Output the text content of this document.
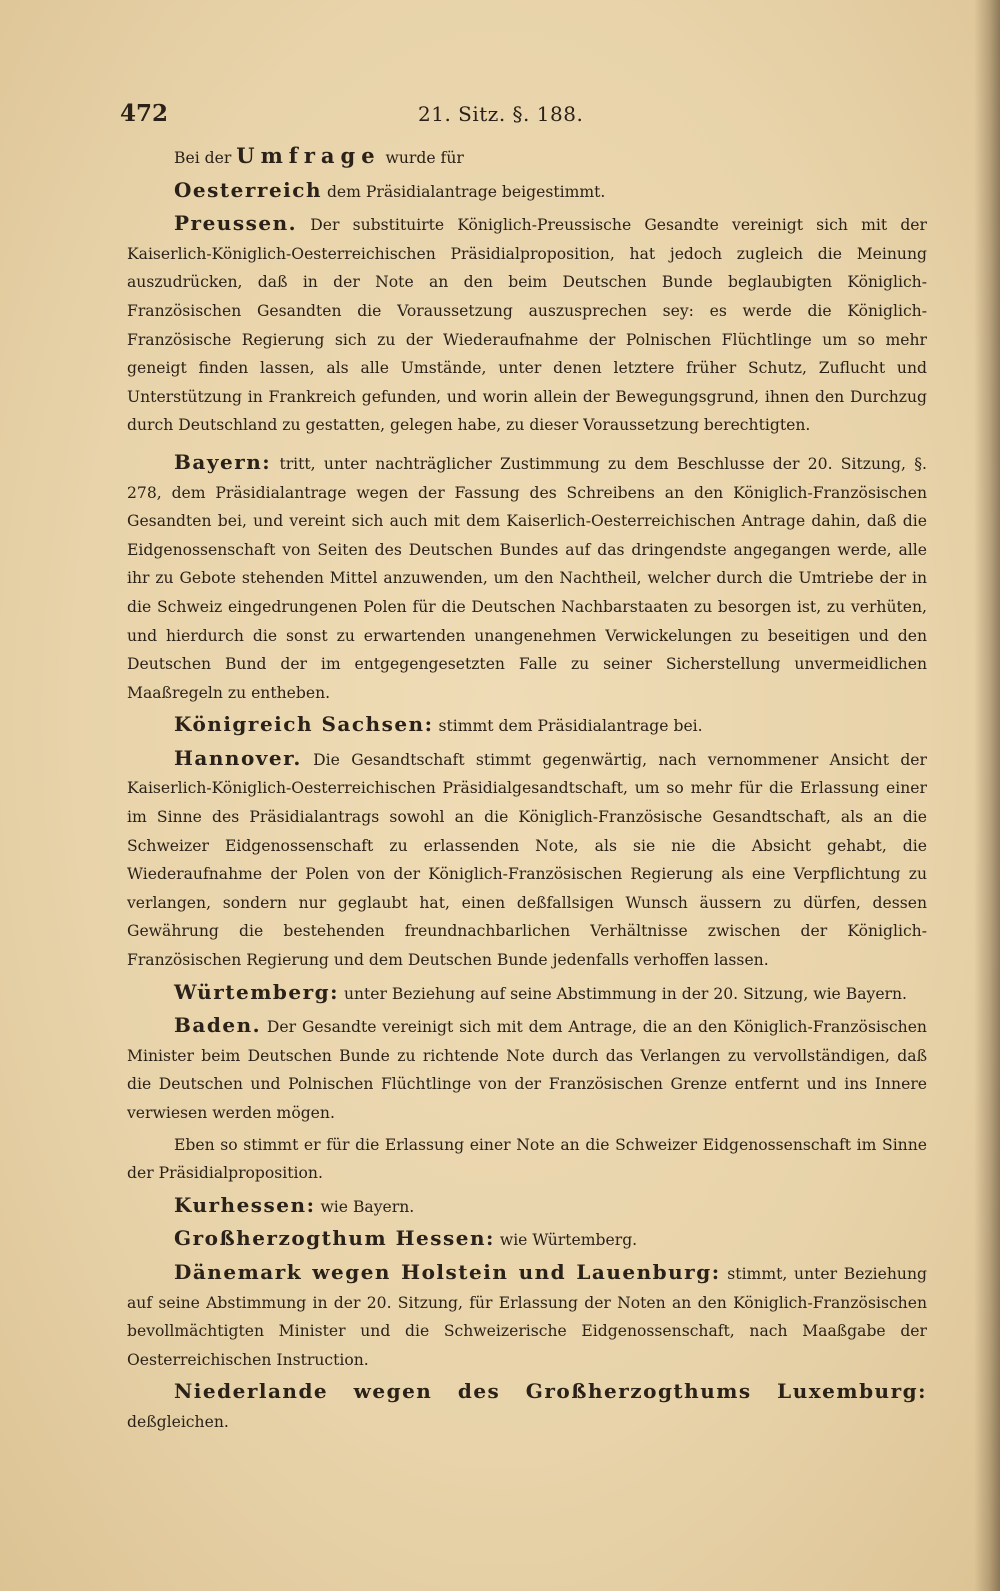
472	21. Sitz. §. 188.

Bei der Umfrage wurde für

Oesterreich dem Präsidialantrage beigestimmt.

Preussen. Der substituirte Königlich-Preussische Gesandte vereinigt sich mit der Kaiserlich-Königlich-Oesterreichischen Präsidialproposition, hat jedoch zugleich die Meinung auszudrücken, daß in der Note an den beim Deutschen Bunde beglaubigten Königlich-Französischen Gesandten die Voraussetzung auszusprechen sey: es werde die Königlich-Französische Regierung sich zu der Wiederaufnahme der Polnischen Flüchtlinge um so mehr geneigt finden lassen, als alle Umstände, unter denen letztere früher Schutz, Zuflucht und Unterstützung in Frankreich gefunden, und worin allein der Bewegungsgrund, ihnen den Durchzug durch Deutschland zu gestatten, gelegen habe, zu dieser Voraussetzung berechtigten.

Bayern: tritt, unter nachträglicher Zustimmung zu dem Beschlusse der 20. Sitzung, §. 278, dem Präsidialantrage wegen der Fassung des Schreibens an den Königlich-Französischen Gesandten bei, und vereint sich auch mit dem Kaiserlich-Oesterreichischen Antrage dahin, daß die Eidgenossenschaft von Seiten des Deutschen Bundes auf das dringendste angegangen werde, alle ihr zu Gebote stehenden Mittel anzuwenden, um den Nachtheil, welcher durch die Umtriebe der in die Schweiz eingedrungenen Polen für die Deutschen Nachbarstaaten zu besorgen ist, zu verhüten, und hierdurch die sonst zu erwartenden unangenehmen Verwickelungen zu beseitigen und den Deutschen Bund der im entgegengesetzten Falle zu seiner Sicherstellung unvermeidlichen Maaßregeln zu entheben.

Königreich Sachsen: stimmt dem Präsidialantrage bei.

Hannover. Die Gesandtschaft stimmt gegenwärtig, nach vernommener Ansicht der Kaiserlich-Königlich-Oesterreichischen Präsidialgesandtschaft, um so mehr für die Erlassung einer im Sinne des Präsidialantrags sowohl an die Königlich-Französische Gesandtschaft, als an die Schweizer Eidgenossenschaft zu erlassenden Note, als sie nie die Absicht gehabt, die Wiederaufnahme der Polen von der Königlich-Französischen Regierung als eine Verpflichtung zu verlangen, sondern nur geglaubt hat, einen deßfallsigen Wunsch äussern zu dürfen, dessen Gewährung die bestehenden freundnachbarlichen Verhältnisse zwischen der Königlich-Französischen Regierung und dem Deutschen Bunde jedenfalls verhoffen lassen.

Würtemberg: unter Beziehung auf seine Abstimmung in der 20. Sitzung, wie Bayern.

Baden. Der Gesandte vereinigt sich mit dem Antrage, die an den Königlich-Französischen Minister beim Deutschen Bunde zu richtende Note durch das Verlangen zu vervollständigen, daß die Deutschen und Polnischen Flüchtlinge von der Französischen Grenze entfernt und ins Innere verwiesen werden mögen.

Eben so stimmt er für die Erlassung einer Note an die Schweizer Eidgenossenschaft im Sinne der Präsidialproposition.

Kurhessen: wie Bayern.

Großherzogthum Hessen: wie Würtemberg.

Dänemark wegen Holstein und Lauenburg: stimmt, unter Beziehung auf seine Abstimmung in der 20. Sitzung, für Erlassung der Noten an den Königlich-Französischen bevollmächtigten Minister und die Schweizerische Eidgenossenschaft, nach Maaßgabe der Oesterreichischen Instruction.

Niederlande wegen des Großherzogthums Luxemburg: deßgleichen.
